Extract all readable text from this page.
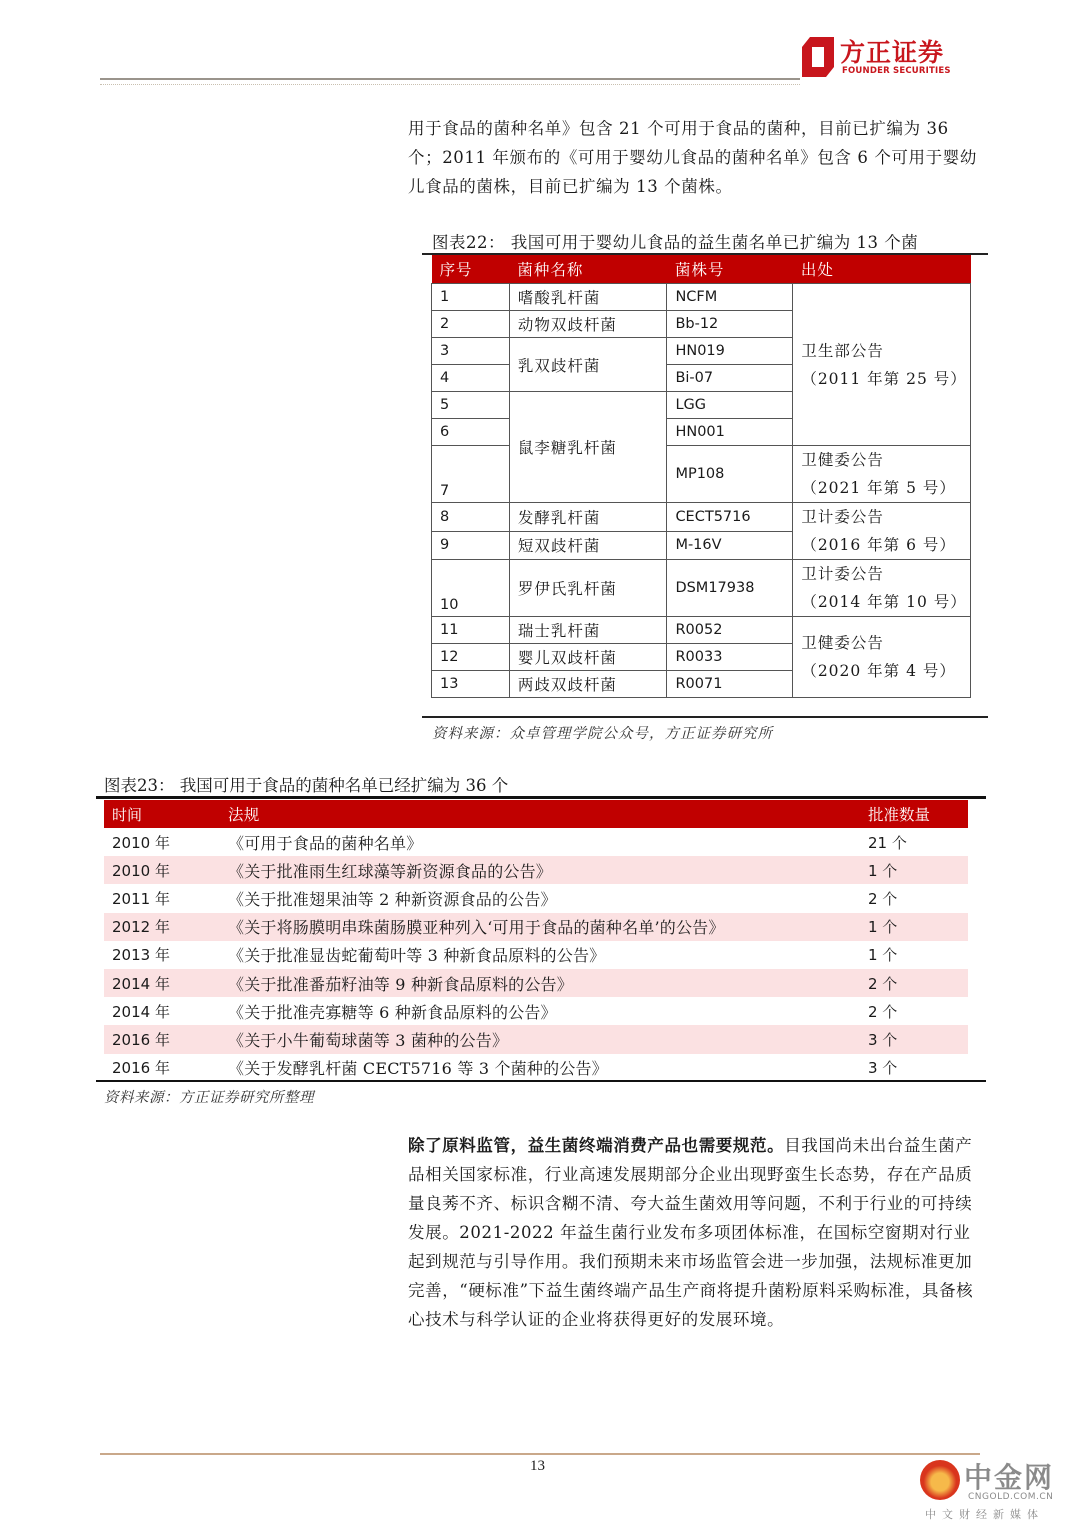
方正证券
FOUNDER SECURITIES
用于食品的菌种名单》包含 21 个可用于食品的菌种，目前已扩编为 36 个；2011 年颁布的《可用于婴幼儿食品的菌种名单》包含 6 个可用于婴幼儿食品的菌株，目前已扩编为 13 个菌株。
图表22： 我国可用于婴幼儿食品的益生菌名单已扩编为 13 个菌
序号	菌种名称	菌株号	出处
1	嗜酸乳杆菌	NCFM	卫生部公告
（2011 年第 25 号）

2	动物双歧杆菌	Bb-12	
3	乳双歧杆菌	HN019	
4		Bi-07	
5	鼠李糖乳杆菌	LGG	
6		HN001	
7		MP108	卫健委公告
（2021 年第 5 号）

8	发酵乳杆菌	CECT5716	卫计委公告
（2016 年第 6 号）

9	短双歧杆菌	M-16V	
10	罗伊氏乳杆菌	DSM17938	卫计委公告
（2014 年第 10 号）

11	瑞士乳杆菌	R0052	卫健委公告
（2020 年第 4 号）

12	婴儿双歧杆菌	R0033	
13	两歧双歧杆菌	R0071	
资料来源：众卓管理学院公众号，方正证券研究所
图表23： 我国可用于食品的菌种名单已经扩编为 36 个
时间	法规	批准数量
2010 年	《可用于食品的菌种名单》	21 个
2010 年	《关于批准雨生红球藻等新资源食品的公告》	1 个
2011 年	《关于批准翅果油等 2 种新资源食品的公告》	2 个
2012 年	《关于将肠膜明串珠菌肠膜亚种列入‘可用于食品的菌种名单’的公告》	1 个
2013 年	《关于批准显齿蛇葡萄叶等 3 种新食品原料的公告》	1 个
2014 年	《关于批准番茄籽油等 9 种新食品原料的公告》	2 个
2014 年	《关于批准壳寡糖等 6 种新食品原料的公告》	2 个
2016 年	《关于小牛葡萄球菌等 3 菌种的公告》	3 个
2016 年	《关于发酵乳杆菌 CECT5716 等 3 个菌种的公告》	3 个
资料来源：方正证券研究所整理
除了原料监管，益生菌终端消费产品也需要规范。目我国尚未出台益生菌产品相关国家标准，行业高速发展期部分企业出现野蛮生长态势，存在产品质量良莠不齐、标识含糊不清、夸大益生菌效用等问题，不利于行业的可持续发展。2021-2022 年益生菌行业发布多项团体标准，在国标空窗期对行业起到规范与引导作用。我们预期未来市场监管会进一步加强，法规标准更加完善，“硬标准”下益生菌终端产品生产商将提升菌粉原料采购标准，具备核心技术与科学认证的企业将获得更好的发展环境。
13	中金网
CNGOLD.COM.CN
中文财经新媒体
